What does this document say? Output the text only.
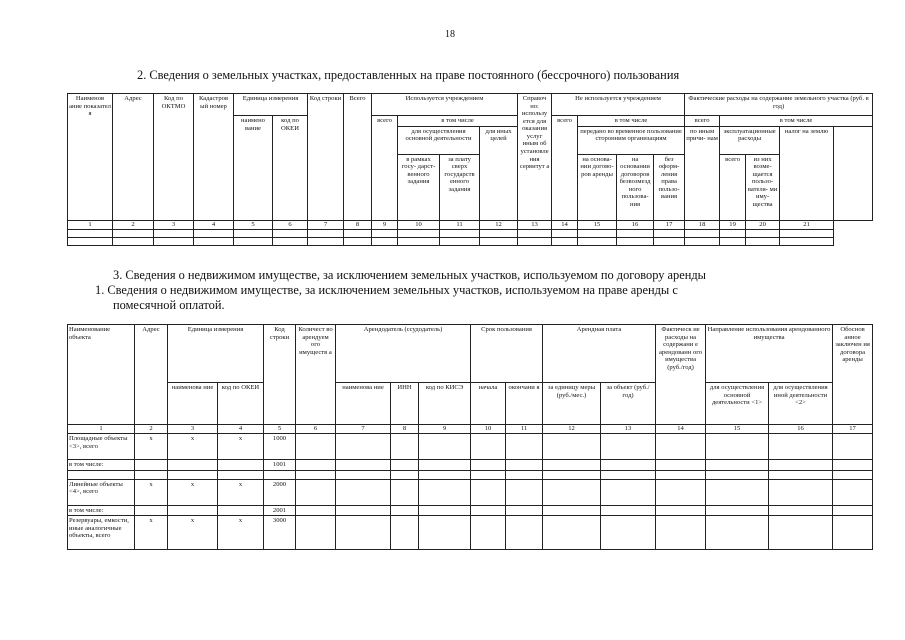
18
2. Сведения о земельных участках, предоставленных на праве постоянного (бессрочного) пользования
Наименов ание показател я	Адрес	Код по ОКТМО	Кадастров ый номер	Единица измерения		Код строки	Всего	Используется учреждением				Справоч но: использу ется для оказания услуг иным об установления сервитут а	Не используется учреждением				Фактические расходы на содержание земельного участка (руб. в год)				
				наимено вание	код по ОКЕИ			всего	в том числе				всего	в том числе			всего	в том числе			
									для осуществления основной деятельности		для иных целей			передано во временное пользование сторонним организациям			по иным причи- нам	эксплуатационные расходы		налог на землю	
									в рамках госу- дарст- венного задания	за плату сверх государств енного задания				на основа- нии догово- ров аренды	на основании договоров безвозмезд ного пользова- ния	без оформ- ления права пользо- вания		всего	из них возме- щается пользо- вателя- ми иму- щества		
1	2	3	4	5	6	7	8	9	10	11	12	13	14	15	16	17	18	19	20	21	

3. Сведения о недвижимом имуществе, за исключением земельных участков, используемом по договору аренды
1. Сведения о недвижимом имуществе, за исключением земельных участков, используемом на праве аренды с
помесячной оплатой.
Наименование объекта	Адрес	Единица измерения		Код строки	Количест во арендуем ого имуществ а	Арендодатель (ссудодатель)			Срок пользования		Арендная плата		Фактическ ие расходы на содержани е арендованн ого имущества (руб./год)	Направление использования арендованного имущества		Обоснов анное заключен ия договора аренды
		наименова ние	код по ОКЕИ			наименова ние	ИНН	код по КИСЭ	начала	окончани я	за единицу меры (руб./мес.)	за объект (руб./год)		для осуществления основной деятельности <1>	для осуществления иной деятельности <2>	
1	2	3	4	5	6	7	8	9	10	11	12	13	14	15	16	17
Площадные объекты <3>, всего	х	х	х	1000												
в том числе:				1001												

Линейные объекты <4>, всего	х	х	х	2000												
в том числе:				2001												
Резервуары, емкости, иные аналогичные объекты, всего	х	х	х	3000												
